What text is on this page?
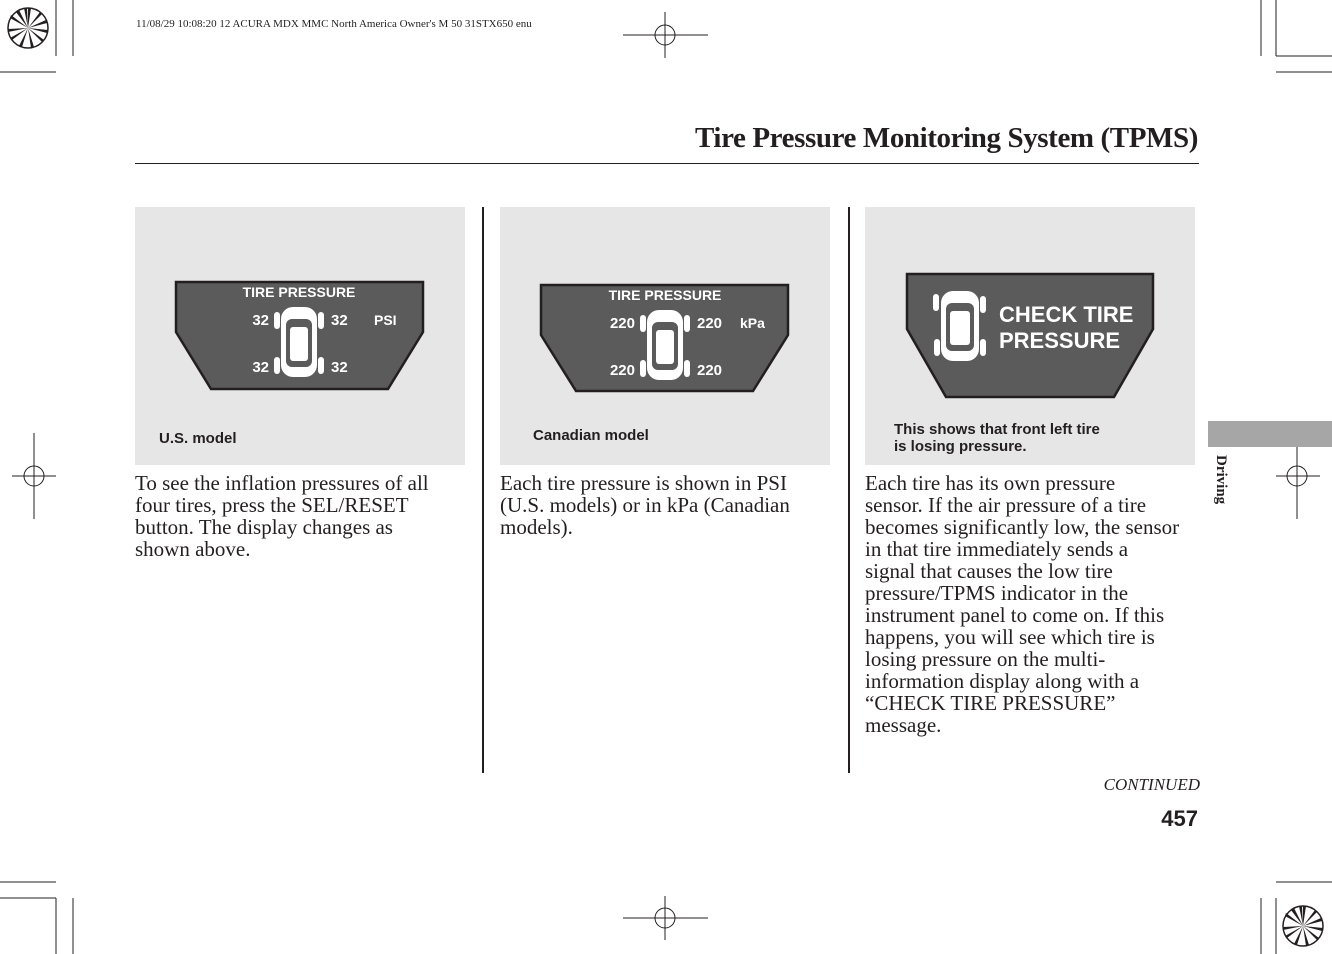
11/08/29 10:08:20 12 ACURA MDX MMC North America Owner's M 50 31STX650 enu
Tire Pressure Monitoring System (TPMS)
TIRE PRESSURE
32	32 PSI
32	32
U.S. model
TIRE PRESSURE
220	220 kPa
220	220
Canadian model
CHECK TIRE
PRESSURE
This shows that front left tire
is losing pressure.
To see the inflation pressures of all
four tires, press the SEL/RESET
button. The display changes as
shown above.
Each tire pressure is shown in PSI
(U.S. models) or in kPa (Canadian
models).
Each tire has its own pressure
sensor. If the air pressure of a tire
becomes significantly low, the sensor
in that tire immediately sends a
signal that causes the low tire
pressure/TPMS indicator in the
instrument panel to come on. If this
happens, you will see which tire is
losing pressure on the multi-
information display along with a
“CHECK TIRE PRESSURE”
message.
Driving
CONTINUED
457
